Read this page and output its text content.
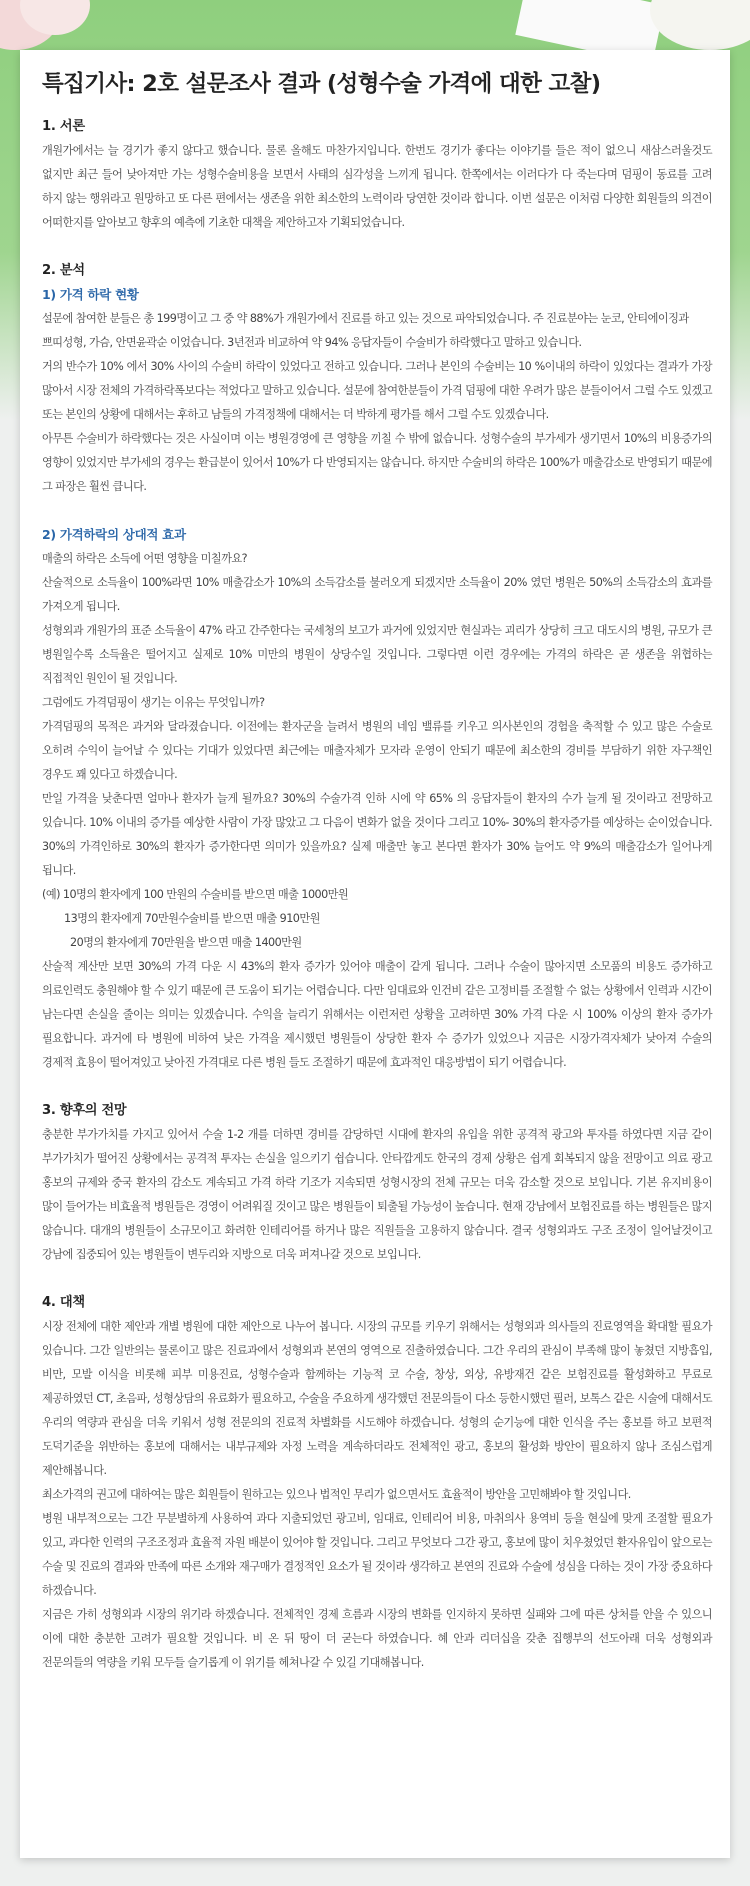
특집기사: 2호 설문조사 결과 (성형수술 가격에 대한 고찰)
1. 서론

개원가에서는 늘 경기가 좋지 않다고 했습니다. 물론 올해도 마찬가지입니다. 한번도 경기가 좋다는 이야기를 들은 적이 없으니 새삼스러울것도 없지만 최근 들어 낮아져만 가는 성형수술비용을 보면서 사태의 심각성을 느끼게 됩니다. 한쪽에서는 이러다가 다 죽는다며 덤핑이 동료를 고려 하지 않는 행위라고 원망하고 또 다른 편에서는 생존을 위한 최소한의 노력이라 당연한 것이라 합니다. 이번 설문은 이처럼 다양한 회원들의 의견이 어떠한지를 알아보고 향후의 예측에 기초한 대책을 제안하고자 기획되었습니다.

2. 분석
1) 가격 하락 현황

설문에 참여한 분들은 총 199명이고 그 중 약 88%가 개원가에서 진료를 하고 있는 것으로 파악되었습니다. 주 진료분야는 눈코, 안티에이징과

쁘띠성형, 가슴, 안면윤곽순 이었습니다. 3년전과 비교하여 약 94% 응답자들이 수술비가 하락했다고 말하고 있습니다.

거의 반수가 10% 에서 30% 사이의 수술비 하락이 있었다고 전하고 있습니다. 그러나 본인의 수술비는 10 %이내의 하락이 있었다는 결과가 가장 많아서 시장 전체의 가격하락폭보다는 적었다고 말하고 있습니다. 설문에 참여한분들이 가격 덤핑에 대한 우려가 많은 분들이어서 그럴 수도 있겠고 또는 본인의 상황에 대해서는 후하고 남들의 가격정책에 대해서는 더 박하게 평가를 해서 그럴 수도 있겠습니다.

아무튼 수술비가 하락했다는 것은 사실이며 이는 병원경영에 큰 영향을 끼칠 수 밖에 없습니다. 성형수술의 부가세가 생기면서 10%의 비용증가의 영향이 있었지만 부가세의 경우는 환급분이 있어서 10%가 다 반영되지는 않습니다. 하지만 수술비의 하락은 100%가 매출감소로 반영되기 때문에 그 파장은 훨씬 큽니다.

2) 가격하락의 상대적 효과

매출의 하락은 소득에 어떤 영향을 미칠까요?

산술적으로 소득율이 100%라면 10% 매출감소가 10%의 소득감소를 불러오게 되겠지만 소득율이 20% 였던 병원은 50%의 소득감소의 효과를 가져오게 됩니다.

성형외과 개원가의 표준 소득율이 47% 라고 간주한다는 국세청의 보고가 과거에 있었지만 현실과는 괴리가 상당히 크고 대도시의 병원, 규모가 큰 병원일수록 소득율은 떨어지고 실제로 10% 미만의 병원이 상당수일 것입니다. 그렇다면 이런 경우에는 가격의 하락은 곧 생존을 위협하는 직접적인 원인이 될 것입니다.

그럼에도 가격덤핑이 생기는 이유는 무엇입니까?

가격덤핑의 목적은 과거와 달라졌습니다. 이전에는 환자군을 늘려서 병원의 네임 밸류를 키우고 의사본인의 경험을 축적할 수 있고 많은 수술로 오히려 수익이 늘어날 수 있다는 기대가 있었다면 최근에는 매출자체가 모자라 운영이 안되기 때문에 최소한의 경비를 부담하기 위한 자구책인 경우도 꽤 있다고 하겠습니다.

만일 가격을 낮춘다면 얼마나 환자가 늘게 될까요? 30%의 수술가격 인하 시에 약 65% 의 응답자들이 환자의 수가 늘게 될 것이라고 전망하고 있습니다. 10% 이내의 증가를 예상한 사람이 가장 많았고 그 다음이 변화가 없을 것이다 그리고 10%- 30%의 환자증가를 예상하는 순이었습니다. 30%의 가격인하로 30%의 환자가 증가한다면 의미가 있을까요? 실제 매출만 놓고 본다면 환자가 30% 늘어도 약 9%의 매출감소가 일어나게 됩니다.

(예) 10명의 환자에게 100 만원의 수술비를 받으면 매출 1000만원

13명의 환자에게 70만원수술비를 받으면 매출 910만원

20명의 환자에게 70만원을 받으면 매출 1400만원

산술적 계산만 보면 30%의 가격 다운 시 43%의 환자 증가가 있어야 매출이 같게 됩니다. 그러나 수술이 많아지면 소모품의 비용도 증가하고 의료인력도 충원해야 할 수 있기 때문에 큰 도움이 되기는 어렵습니다. 다만 임대료와 인건비 같은 고정비를 조절할 수 없는 상황에서 인력과 시간이 남는다면 손실을 줄이는 의미는 있겠습니다. 수익을 늘리기 위해서는 이런저런 상황을 고려하면 30% 가격 다운 시 100% 이상의 환자 증가가 필요합니다. 과거에 타 병원에 비하여 낮은 가격을 제시했던 병원들이 상당한 환자 수 증가가 있었으나 지금은 시장가격자체가 낮아져 수술의 경제적 효용이 떨어져있고 낮아진 가격대로 다른 병원 들도 조절하기 때문에 효과적인 대응방법이 되기 어렵습니다.

3. 향후의 전망

충분한 부가가치를 가지고 있어서 수술 1-2 개를 더하면 경비를 감당하던 시대에 환자의 유입을 위한 공격적 광고와 투자를 하였다면 지금 같이 부가가치가 떨어진 상황에서는 공격적 투자는 손실을 일으키기 쉽습니다. 안타깝게도 한국의 경제 상황은 쉽게 회복되지 않을 전망이고 의료 광고 홍보의 규제와 중국 환자의 감소도 계속되고 가격 하락 기조가 지속되면 성형시장의 전체 규모는 더욱 감소할 것으로 보입니다. 기본 유지비용이 많이 들어가는 비효율적 병원들은 경영이 어려워질 것이고 많은 병원들이 퇴출될 가능성이 높습니다. 현재 강남에서 보험진료를 하는 병원들은 많지 않습니다. 대개의 병원들이 소규모이고 화려한 인테리어를 하거나 많은 직원들을 고용하지 않습니다. 결국 성형외과도 구조 조정이 일어날것이고 강남에 집중되어 있는 병원들이 변두리와 지방으로 더욱 퍼져나갈 것으로 보입니다.

4. 대책

시장 전체에 대한 제안과 개별 병원에 대한 제안으로 나누어 봅니다. 시장의 규모를 키우기 위해서는 성형외과 의사들의 진료영역을 확대할 필요가 있습니다. 그간 일반의는 물론이고 많은 진료과에서 성형외과 본연의 영역으로 진출하였습니다. 그간 우리의 관심이 부족해 많이 놓쳤던 지방흡입, 비만, 모발 이식을 비롯해 피부 미용진료, 성형수술과 함께하는 기능적 코 수술, 창상, 외상, 유방재건 같은 보험진료를 활성화하고 무료로 제공하였던 CT, 초음파, 성형상담의 유료화가 필요하고, 수술을 주요하게 생각했던 전문의들이 다소 등한시했던 필러, 보톡스 같은 시술에 대해서도 우리의 역량과 관심을 더욱 키워서 성형 전문의의 진료적 차별화를 시도해야 하겠습니다. 성형의 순기능에 대한 인식을 주는 홍보를 하고 보편적 도덕기준을 위반하는 홍보에 대해서는 내부규제와 자정 노력을 계속하더라도 전체적인 광고, 홍보의 활성화 방안이 필요하지 않나 조심스럽게 제안해봅니다.

최소가격의 권고에 대하여는 많은 회원들이 원하고는 있으나 법적인 무리가 없으면서도 효율적이 방안을 고민해봐야 할 것입니다.

병원 내부적으로는 그간 무분별하게 사용하여 과다 지출되었던 광고비, 임대료, 인테리어 비용, 마취의사 용역비 등을 현실에 맞게 조절할 필요가 있고, 과다한 인력의 구조조정과 효율적 자원 배분이 있어야 할 것입니다. 그리고 무엇보다 그간 광고, 홍보에 많이 치우쳤었던 환자유입이 앞으로는 수술 및 진료의 결과와 만족에 따른 소개와 재구매가 결정적인 요소가 될 것이라 생각하고 본연의 진료와 수술에 성심을 다하는 것이 가장 중요하다 하겠습니다.

지금은 가히 성형외과 시장의 위기라 하겠습니다. 전체적인 경제 흐름과 시장의 변화를 인지하지 못하면 실패와 그에 따른 상처를 안을 수 있으니 이에 대한 충분한 고려가 필요할 것입니다. 비 온 뒤 땅이 더 굳는다 하였습니다. 혜 안과 리더십을 갖춘 집행부의 선도아래 더욱 성형외과 전문의들의 역량을 키워 모두들 슬기롭게 이 위기를 헤쳐나갈 수 있길 기대해봅니다.
